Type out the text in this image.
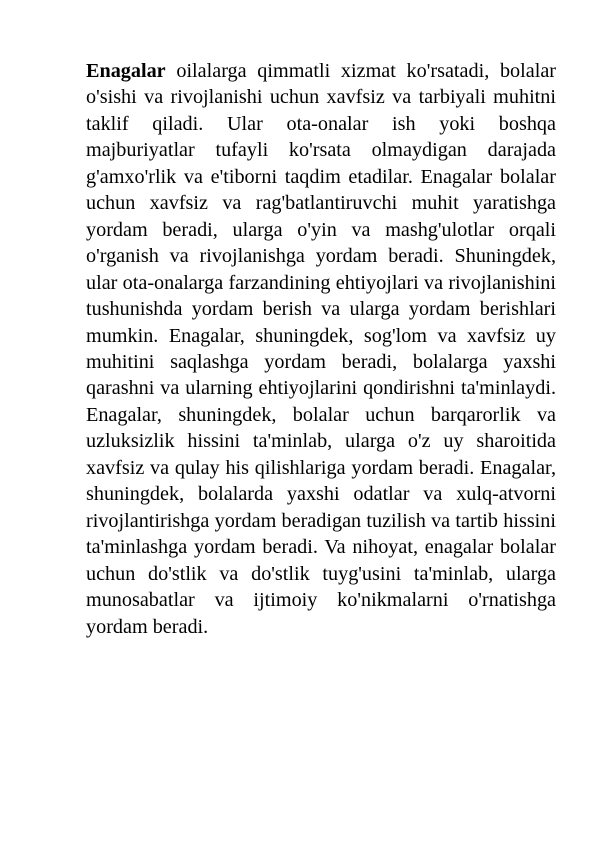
Enagalar oilalarga qimmatli xizmat ko'rsatadi, bolalar o'sishi va rivojlanishi uchun xavfsiz va tarbiyali muhitni taklif qiladi. Ular ota-onalar ish yoki boshqa majburiyatlar tufayli ko'rsata olmaydigan darajada g'amxo'rlik va e'tiborni taqdim etadilar. Enagalar bolalar uchun xavfsiz va rag'batlantiruvchi muhit yaratishga yordam beradi, ularga o'yin va mashg'ulotlar orqali o'rganish va rivojlanishga yordam beradi. Shuningdek, ular ota-onalarga farzandining ehtiyojlari va rivojlanishini tushunishda yordam berish va ularga yordam berishlari mumkin. Enagalar, shuningdek, sog'lom va xavfsiz uy muhitini saqlashga yordam beradi, bolalarga yaxshi qarashni va ularning ehtiyojlarini qondirishni ta'minlaydi. Enagalar, shuningdek, bolalar uchun barqarorlik va uzluksizlik hissini ta'minlab, ularga o'z uy sharoitida xavfsiz va qulay his qilishlariga yordam beradi. Enagalar, shuningdek, bolalarda yaxshi odatlar va xulq-atvorni rivojlantirishga yordam beradigan tuzilish va tartib hissini ta'minlashga yordam beradi. Va nihoyat, enagalar bolalar uchun do'stlik va do'stlik tuyg'usini ta'minlab, ularga munosabatlar va ijtimoiy ko'nikmalarni o'rnatishga yordam beradi.
